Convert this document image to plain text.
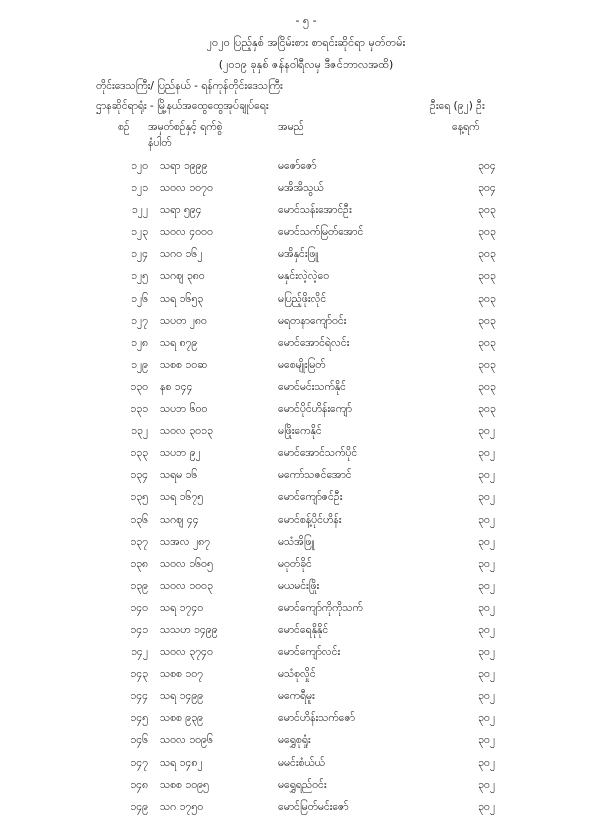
- ၅ -
၂၀၂၀ ပြည့်နှစ် အငြိမ်းစား စာရင်းဆိုင်ရာ မှတ်တမ်း
(၂၀၁၉ ခုနှစ် ဇန်နဝါရီလမှ ဒီဇင်ဘာလအထိ)
တိုင်းဒေသကြီး/ ပြည်နယ် - ရန်ကုန်တိုင်းဒေသကြီး
ဌာနဆိုင်ရာရုံး - မြို့နယ်အထွေထွေအုပ်ချုပ်ရေး	ဦးရေ (၉၂) ဦး
စဉ် အမှတ်စဉ်နှင့် ရက်စွဲ
နံပါတ်
အမည်	နေ့ရက်
၁၂၀ သရာ ၁၉၉၉	မဇော်ဇော်	၃၀၄
၁၂၁ သဝလ ၁၀၇၀	မအိအိသွယ်	၃၀၄
၁၂၂ သရာ ၅၉၄	မောင်သန်းအောင်ဦး	၃၀၃
၁၂၃ သဝလ ၄၀၀၀	မောင်သက်မြတ်အောင်	၃၀၃
၁၂၄ သဂဝ ၁၆၂	မအိနှင်းဖြူ	၃၀၃
၁၂၅ သဂဈ ၃၈၀	မနှင်းလဲ့လဲ့ဝေ	၃၀၃
၁၂၆ သရ ၁၆၅၃	မပြည့်ဖိုးလိုင်	၃၀၃
၁၂၇ သပတ ၂၈၀	မရတနာကျော်ဝင်း	၃၀၃
၁၂၈ သရ ၈၇၉	မောင်အောင်ရဲလင်း	၃၀၃
၁၂၉ သစစ ၁၀ဆ	မစေမျိုးမြတ်	၃၀၃
၁၃၀ နစ ၁၄၄	မောင်မင်းသက်နိုင်	၃၀၃
၁၃၁ သပဘ ၆၀၀	မောင်ပိုင်ဟိန်းကျော်	၃၀၃
၁၃၂ သဝလ ၃၀၁၃	မဖြိုးကေနိုင်	၃၀၂
၁၃၃ သပဘ ၉၂	မောင်အောင်သက်ပိုင်	၃၀၂
၁၃၄ သရမ ၁၆	မကော်သဇင်အောင်	၃၀၂
၁၃၅ သရ ၁၆၇၅	မောင်ကျော်ဇင်ဦး	၃၀၂
၁၃၆ သဂဈ ၄၄	မောင်စန့်ပိုင်ဟိန်း	၃၀၂
၁၃၇ သအလ ၂၈၇	မသံအိဖြူ	၃၀၂
၁၃၈ သဝလ ၁၆၀၅	မဝုတ်ခိုင်	၃၀၂
၁၃၉ သဝလ ၁၀၀၃	မယမင်းဖြိုး	၃၀၂
၁၄၀ သရ ၁၇၄၀	မောင်ကျော်ကိုကိုသက်	၃၀၂
၁၄၁ သသဟ ၁၄၉၉	မောင်ရေနိုနိုင်	၃၀၂
၁၄၂ သဝလ ၃၇၄၀	မောင်ကျော်လင်း	၃၀၂
၁၄၃ သစစ ၁၀၇	မသံစုလှိုင်	၃၀၂
၁၄၄ သရ ၁၄၉၉	မကေရီမူး	၃၀၂
၁၄၅ သစစ ၉၃၉	မောင်ဟိန်းသက်ဇော်	၃၀၂
၁၄၆ သဝလ ၁၀၉၆	မရွှေစုရှုံး	၃၀၂
၁၄၇ သရ ၁၄၈၂	မမင်းစံယ်ယ်	၃၀၂
၁၄၈ သစစ ၁၀၉၅	မရွှေရည်ဝင်း	၃၀၂
၁၄၉ သဂ ၁၇၅၀	မောင်မြတ်မင်းဇော်	၃၀၂
